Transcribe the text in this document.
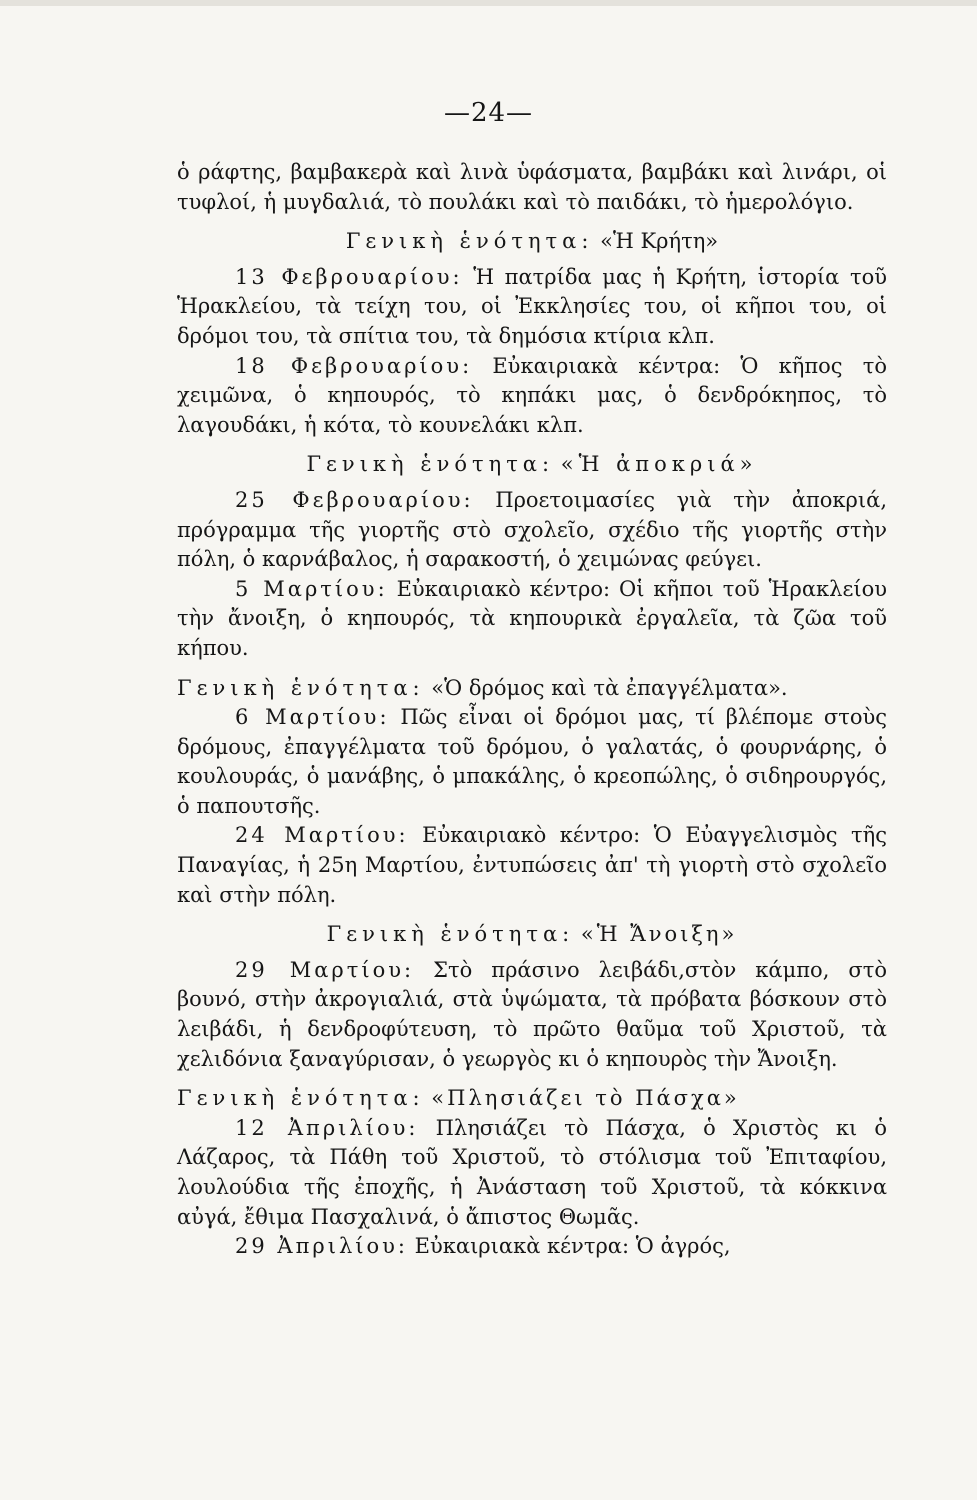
—24—

ὁ ράφτης, βαμβακερὰ καὶ λινὰ ὑφάσματα, βαμβάκι καὶ λινάρι, οἱ τυφλοί, ἡ μυγδαλιά, τὸ πουλάκι καὶ τὸ παιδάκι, τὸ ἡμερολόγιο.

Γενικὴ ἑνότητα: «Ἡ Κρήτη»

13 Φεβρουαρίου: Ἡ πατρίδα μας ἡ Κρήτη, ἱστορία τοῦ Ἡρακλείου, τὰ τείχη του, οἱ Ἐκκλησίες του, οἱ κῆποι του, οἱ δρόμοι του, τὰ σπίτια του, τὰ δημόσια κτίρια κλπ.

18 Φεβρουαρίου: Εὐκαιριακὰ κέντρα: Ὁ κῆπος τὸ χειμῶνα, ὁ κηπουρός, τὸ κηπάκι μας, ὁ δενδρόκηπος, τὸ λαγουδάκι, ἡ κότα, τὸ κουνελάκι κλπ.

Γενικὴ ἑνότητα: «Ἡ ἀποκριά»

25 Φεβρουαρίου: Προετοιμασίες γιὰ τὴν ἀποκριά, πρόγραμμα τῆς γιορτῆς στὸ σχολεῖο, σχέδιο τῆς γιορτῆς στὴν πόλη, ὁ καρνάβαλος, ἡ σαρακοστή, ὁ χειμώνας φεύγει.

5 Μαρτίου: Εὐκαιριακὸ κέντρο: Οἱ κῆποι τοῦ Ἡρακλείου τὴν ἄνοιξη, ὁ κηπουρός, τὰ κηπουρικὰ ἐργαλεῖα, τὰ ζῶα τοῦ κήπου.

Γενικὴ ἑνότητα: «Ὁ δρόμος καὶ τὰ ἐπαγγέλματα».

6 Μαρτίου: Πῶς εἶναι οἱ δρόμοι μας, τί βλέπομε στοὺς δρόμους, ἐπαγγέλματα τοῦ δρόμου, ὁ γαλατάς, ὁ φουρνάρης, ὁ κουλουράς, ὁ μανάβης, ὁ μπακάλης, ὁ κρεοπώλης, ὁ σιδηρουργός, ὁ παπουτσῆς.

24 Μαρτίου: Εὐκαιριακὸ κέντρο: Ὁ Εὐαγγελισμὸς τῆς Παναγίας, ἡ 25η Μαρτίου, ἐντυπώσεις ἀπ' τὴ γιορτὴ στὸ σχολεῖο καὶ στὴν πόλη.

Γενικὴ ἑνότητα: «Ἡ Ἄνοιξη»

29 Μαρτίου: Στὸ πράσινο λειβάδι,στὸν κάμπο, στὸ βουνό, στὴν ἀκρογιαλιά, στὰ ὑψώματα, τὰ πρόβατα βόσκουν στὸ λειβάδι, ἡ δενδροφύτευση, τὸ πρῶτο θαῦμα τοῦ Χριστοῦ, τὰ χελιδόνια ξαναγύρισαν, ὁ γεωργὸς κι ὁ κηπουρὸς τὴν Ἄνοιξη.

Γενικὴ ἑνότητα: «Πλησιάζει τὸ Πάσχα»

12 Ἀπριλίου: Πλησιάζει τὸ Πάσχα, ὁ Χριστὸς κι ὁ Λάζαρος, τὰ Πάθη τοῦ Χριστοῦ, τὸ στόλισμα τοῦ Ἐπιταφίου, λουλούδια τῆς ἐποχῆς, ἡ Ἀνάσταση τοῦ Χριστοῦ, τὰ κόκκινα αὐγά, ἔθιμα Πασχαλινά, ὁ ἄπιστος Θωμᾶς.

29 Ἀπριλίου: Εὐκαιριακὰ κέντρα: Ὁ ἀγρός,
